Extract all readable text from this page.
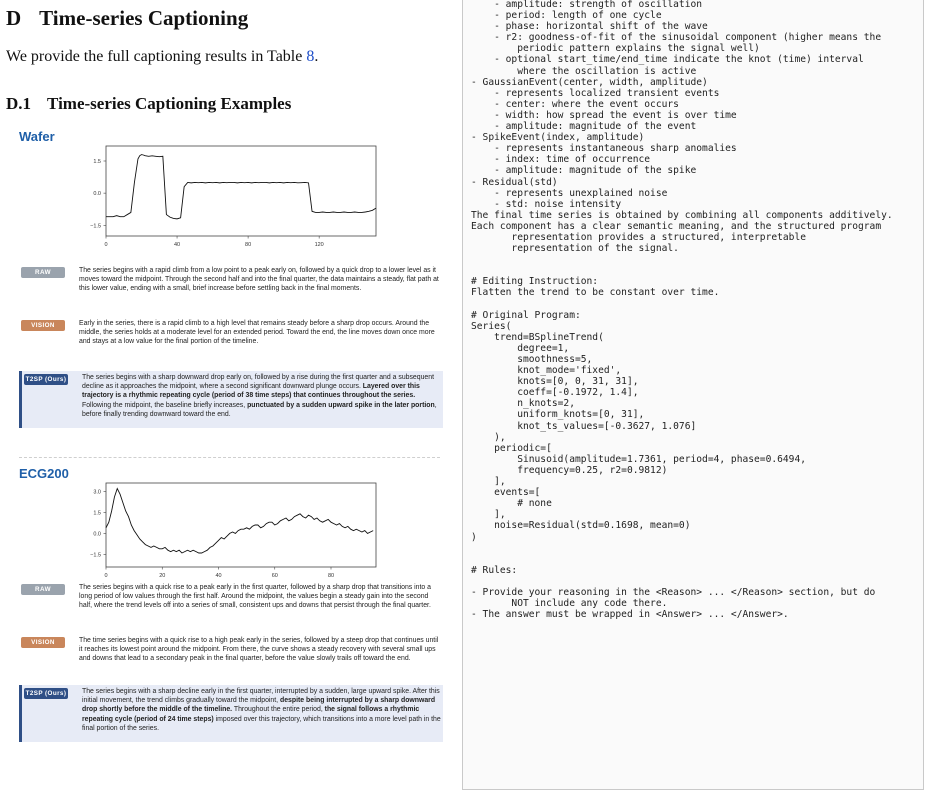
D Time-series Captioning
We provide the full captioning results in Table 8.
D.1 Time-series Captioning Examples
Wafer
0	40	80	120
1.5
0.0
−1.5
RAW	The series begins with a rapid climb from a low point to a peak early on, followed by a quick drop to a lower level as it moves toward the midpoint. Through the second half and into the final quarter, the data maintains a steady, flat path at this lower value, ending with a small, brief increase before settling back in the final moments.
VISION	Early in the series, there is a rapid climb to a high level that remains steady before a sharp drop occurs. Around the middle, the series holds at a moderate level for an extended period. Toward the end, the line moves down once more and stays at a low value for the final portion of the timeline.
T2SP (Ours) The series begins with a sharp downward drop early on, followed by a rise during the first quarter and a subsequent decline as it approaches the midpoint, where a second significant downward plunge occurs. Layered over this trajectory is a rhythmic repeating cycle (period of 38 time steps) that continues throughout the series. Following the midpoint, the baseline briefly increases, punctuated by a sudden upward spike in the later portion, before finally trending downward toward the end.
ECG200
0	20	40	60	80
3.0
1.5
0.0
−1.5
RAW	The series begins with a quick rise to a peak early in the first quarter, followed by a sharp drop that transitions into a long period of low values through the first half. Around the midpoint, the values begin a steady gain into the second half, where the trend levels off into a series of small, consistent ups and downs that persist through the final quarter.
VISION	The time series begins with a quick rise to a high peak early in the series, followed by a steep drop that continues until it reaches its lowest point around the midpoint. From there, the curve shows a steady recovery with several small ups and downs that lead to a secondary peak in the final quarter, before the value slowly trails off toward the end.
T2SP (Ours) The series begins with a sharp decline early in the first quarter, interrupted by a sudden, large upward spike. After this initial movement, the trend climbs gradually toward the midpoint, despite being interrupted by a sharp downward drop shortly before the middle of the timeline. Throughout the entire period, the signal follows a rhythmic repeating cycle (period of 24 time steps) imposed over this trajectory, which transitions into a more level path in the final portion of the series.
- amplitude: strength of oscillation
- period: length of one cycle
- phase: horizontal shift of the wave
- r2: goodness-of-fit of the sinusoidal component (higher means the
periodic pattern explains the signal well)
- optional start_time/end_time indicate the knot (time) interval
where the oscillation is active
- GaussianEvent(center, width, amplitude)
- represents localized transient events
- center: where the event occurs
- width: how spread the event is over time
- amplitude: magnitude of the event
- SpikeEvent(index, amplitude)
- represents instantaneous sharp anomalies
- index: time of occurrence
- amplitude: magnitude of the spike
- Residual(std)
- represents unexplained noise
- std: noise intensity
The final time series is obtained by combining all components additively.
Each component has a clear semantic meaning, and the structured program
representation provides a structured, interpretable
representation of the signal.

# Editing Instruction:
Flatten the trend to be constant over time.

# Original Program:
Series(
trend=BSplineTrend(
degree=1,
smoothness=5,
knot_mode='fixed',
knots=[0, 0, 31, 31],
coeff=[-0.1972, 1.4],
n_knots=2,
uniform_knots=[0, 31],
knot_ts_values=[-0.3627, 1.076]
),
periodic=[
Sinusoid(amplitude=1.7361, period=4, phase=0.6494,
frequency=0.25, r2=0.9812)
],
events=[
# none
],
noise=Residual(std=0.1698, mean=0)
)

# Rules:

- Provide your reasoning in the <Reason> ... </Reason> section, but do
NOT include any code there.
- The answer must be wrapped in <Answer> ... </Answer>.
